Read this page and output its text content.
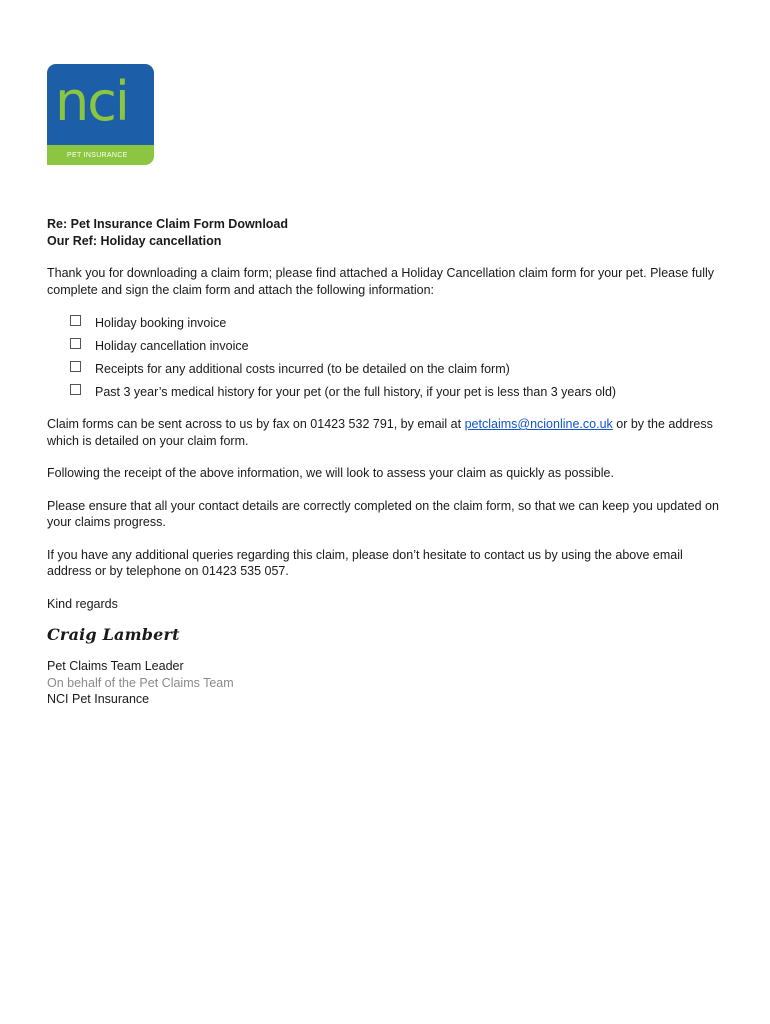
nci
PET INSURANCE

Re: Pet Insurance Claim Form Download

Our Ref: Holiday cancellation

Thank you for downloading a claim form; please find attached a Holiday Cancellation claim form for your pet. Please fully complete and sign the claim form and attach the following information:

Holiday booking invoice
Holiday cancellation invoice
Receipts for any additional costs incurred (to be detailed on the claim form)
Past 3 year’s medical history for your pet (or the full history, if your pet is less than 3 years old)

Claim forms can be sent across to us by fax on 01423 532 791, by email at petclaims@ncionline.co.uk or by the address which is detailed on your claim form.

Following the receipt of the above information, we will look to assess your claim as quickly as possible.

Please ensure that all your contact details are correctly completed on the claim form, so that we can keep you updated on your claims progress.

If you have any additional queries regarding this claim, please don’t hesitate to contact us by using the above email address or by telephone on 01423 535 057.

Kind regards

Craig Lambert
Pet Claims Team Leader
On behalf of the Pet Claims Team
NCI Pet Insurance
